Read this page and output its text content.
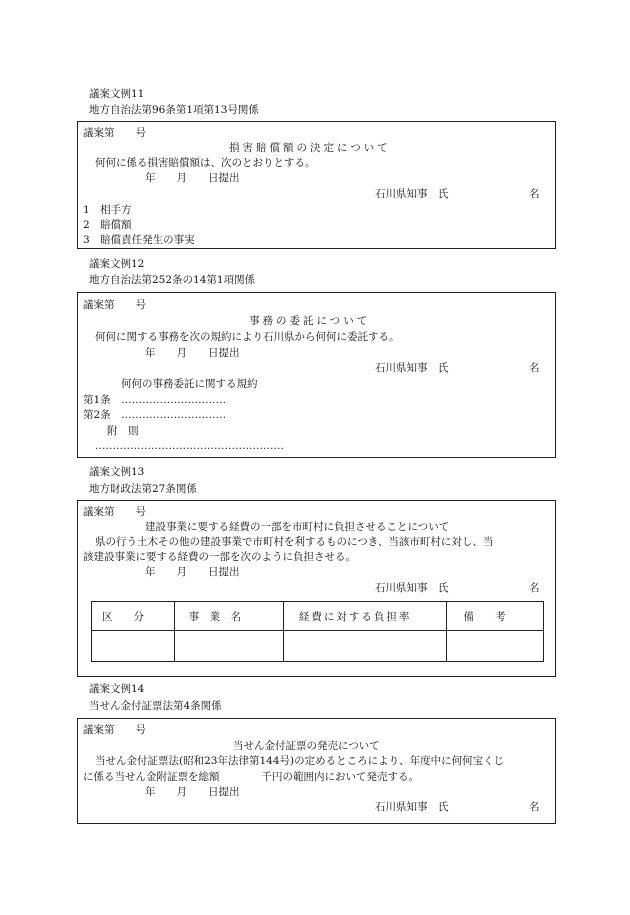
議案文例11
地方自治法第96条第1項第13号関係
議案第　　号
損害賠償額の決定について
何何に係る損害賠償額は、次のとおりとする。
年　　月　　日提出
石川県知事　氏	名
1　相手方
2　賠償額
3　賠償責任発生の事実
議案文例12
地方自治法第252条の14第1項関係
議案第　　号
事務の委託について
何何に関する事務を次の規約により石川県から何何に委託する。
年　　月　　日提出
石川県知事　氏	名
何何の事務委託に関する規約
第1条　…………………………
第2条　…………………………
附　則
………………………………………………
議案文例13
地方財政法第27条関係
議案第　　号
建設事業に要する経費の一部を市町村に負担させることについて
県の行う土木その他の建設事業で市町村を利するものにつき、当該市町村に対し、当
該建設事業に要する経費の一部を次のように負担させる。
年　　月　　日提出
石川県知事　氏	名
区　　分	事　業　名	経費に対する負担率	備　　考

議案文例14
当せん金付証票法第4条関係
議案第　　号
当せん金付証票の発売について
当せん金付証票法(昭和23年法律第144号)の定めるところにより、年度中に何何宝くじ
に係る当せん金附証票を総額　　　　千円の範囲内において発売する。
年　　月　　日提出
石川県知事　氏	名
